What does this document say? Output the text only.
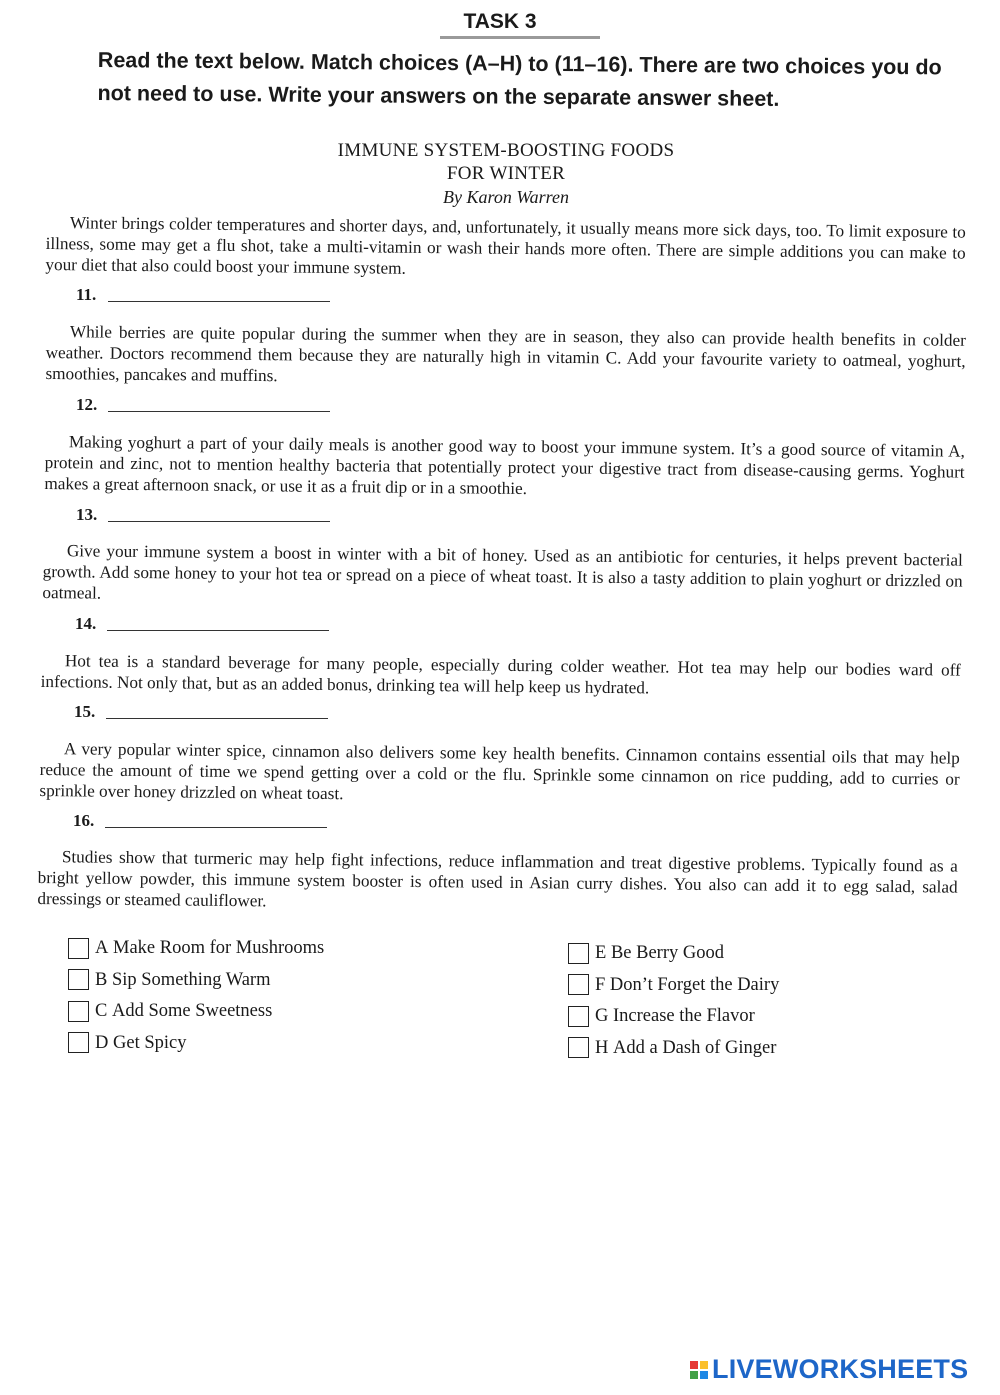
TASK 3
Read the text below. Match choices (A–H) to (11–16). There are two choices you do not need to use. Write your answers on the separate answer sheet.
IMMUNE SYSTEM-BOOSTING FOODS
FOR WINTER
By Karon Warren
Winter brings colder temperatures and shorter days, and, unfortunately, it usually means more sick days, too. To limit exposure to illness, some may get a flu shot, take a multi-vitamin or wash their hands more often. There are simple additions you can make to your diet that also could boost your immune system.
11.
While berries are quite popular during the summer when they are in season, they also can provide health benefits in colder weather. Doctors recommend them because they are naturally high in vitamin C. Add your favourite variety to oatmeal, yoghurt, smoothies, pancakes and muffins.
12.
Making yoghurt a part of your daily meals is another good way to boost your immune system. It’s a good source of vitamin A, protein and zinc, not to mention healthy bacteria that potentially protect your digestive tract from disease-causing germs. Yoghurt makes a great afternoon snack, or use it as a fruit dip or in a smoothie.
13.
Give your immune system a boost in winter with a bit of honey. Used as an antibiotic for centuries, it helps prevent bacterial growth. Add some honey to your hot tea or spread on a piece of wheat toast. It is also a tasty addition to plain yoghurt or drizzled on oatmeal.
14.
Hot tea is a standard beverage for many people, especially during colder weather. Hot tea may help our bodies ward off infections. Not only that, but as an added bonus, drinking tea will help keep us hydrated.
15.
A very popular winter spice, cinnamon also delivers some key health benefits. Cinnamon contains essential oils that may help reduce the amount of time we spend getting over a cold or the flu. Sprinkle some cinnamon on rice pudding, add to curries or sprinkle over honey drizzled on wheat toast.
16.
Studies show that turmeric may help fight infections, reduce inflammation and treat digestive problems. Typically found as a bright yellow powder, this immune system booster is often used in Asian curry dishes. You also can add it to egg salad, salad dressings or steamed cauliflower.
A
Make Room for Mushrooms
B
Sip Something Warm
C
Add Some Sweetness
D
Get Spicy
E
Be Berry Good
F
Don’t Forget the Dairy
G
Increase the Flavor
H
Add a Dash of Ginger
LIVEWORKSHEETS
